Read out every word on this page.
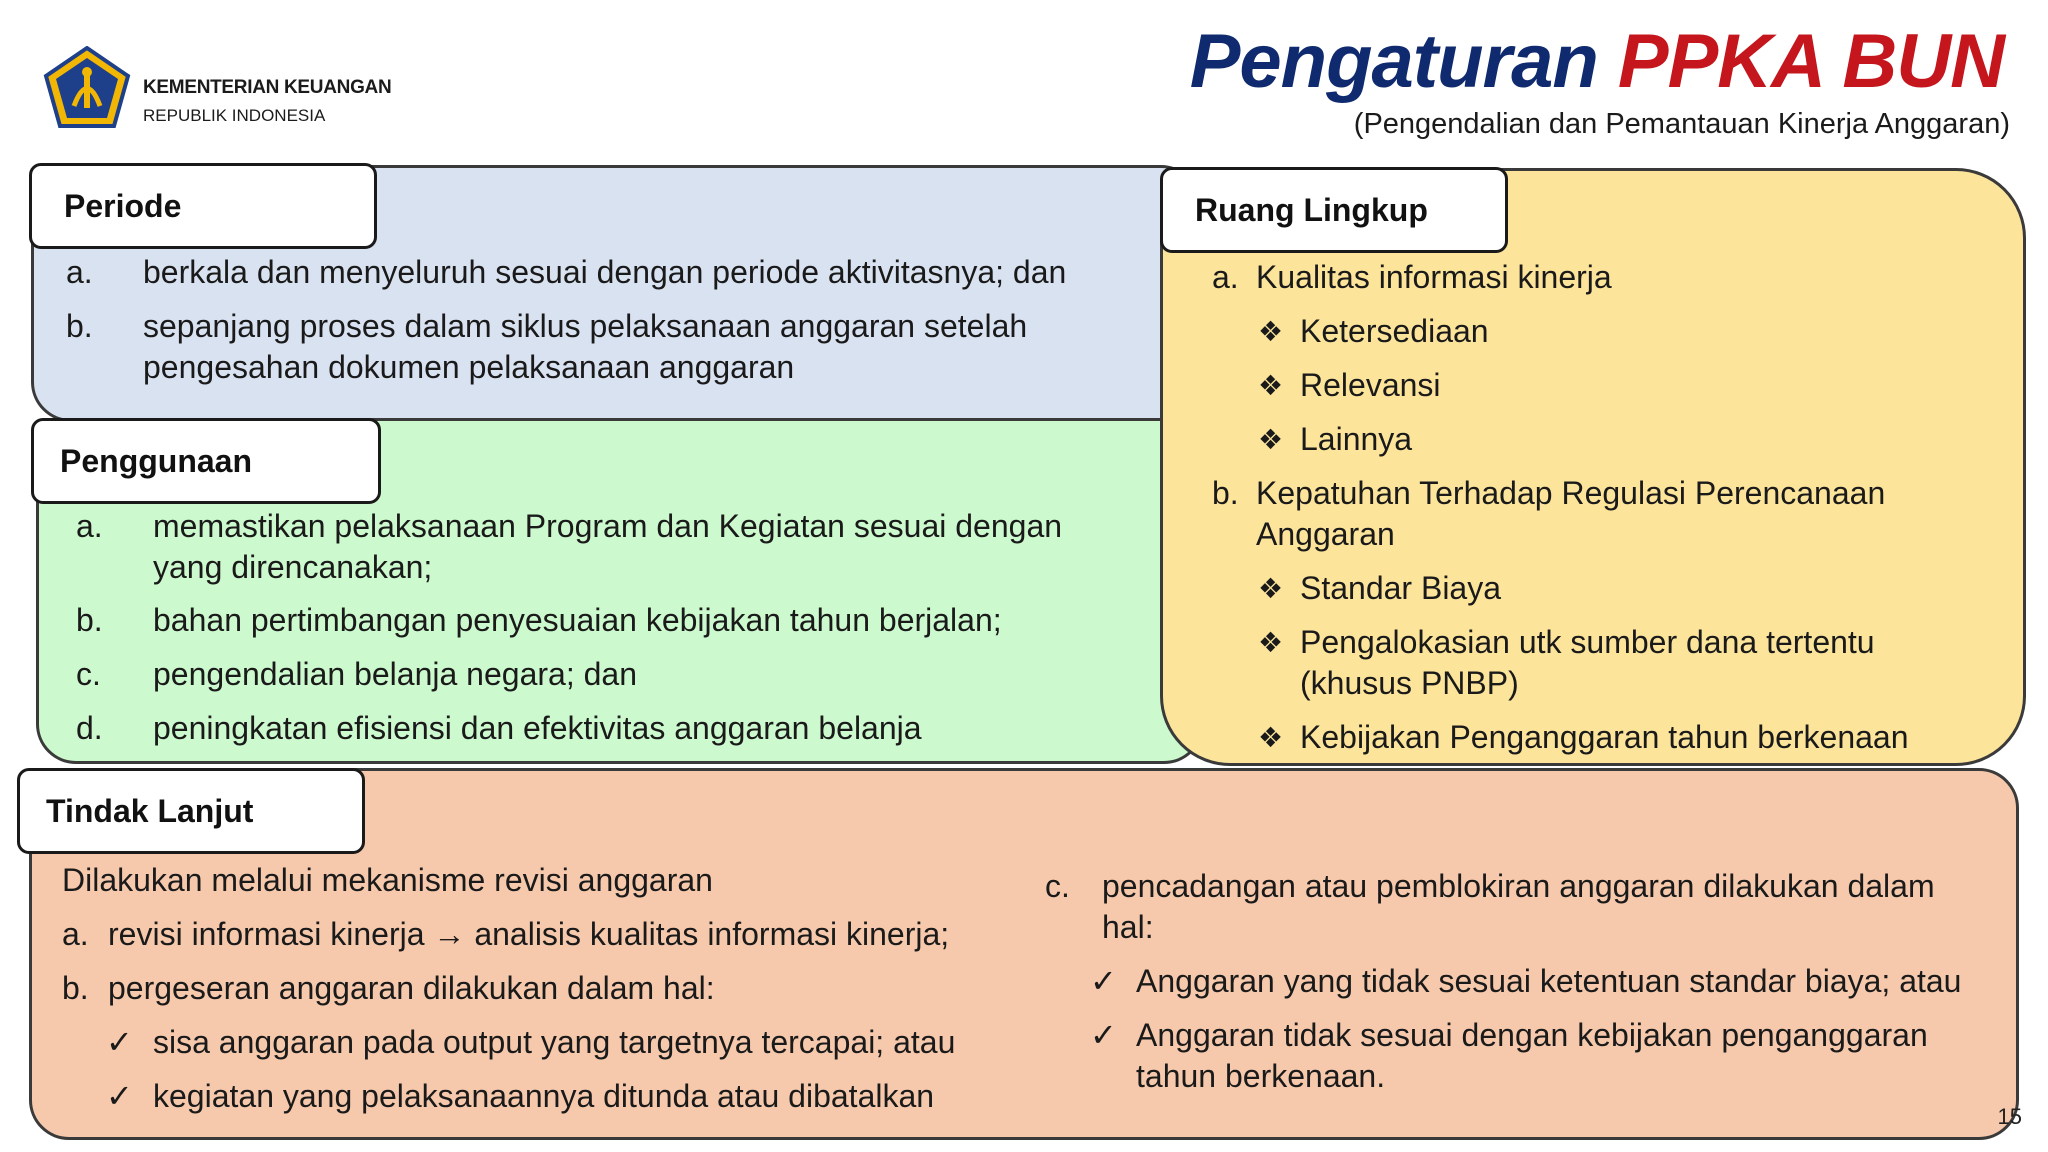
KEMENTERIAN KEUANGAN
REPUBLIK INDONESIA
Pengaturan PPKA BUN
(Pengendalian dan Pemantauan Kinerja Anggaran)
Periode
a. berkala dan menyeluruh sesuai dengan periode aktivitasnya; dan
b. sepanjang proses dalam siklus pelaksanaan anggaran setelah
pengesahan dokumen pelaksanaan anggaran
Penggunaan
a. memastikan pelaksanaan Program dan Kegiatan sesuai dengan
yang direncanakan;
b. bahan pertimbangan penyesuaian kebijakan tahun berjalan;
c. pengendalian belanja negara; dan
d. peningkatan efisiensi dan efektivitas anggaran belanja
Ruang Lingkup
a. Kualitas informasi kinerja
❖ Ketersediaan
❖ Relevansi
❖ Lainnya
b. Kepatuhan Terhadap Regulasi Perencanaan
Anggaran
❖ Standar Biaya
❖ Pengalokasian utk sumber dana tertentu
(khusus PNBP)
❖ Kebijakan Penganggaran tahun berkenaan
Tindak Lanjut
Dilakukan melalui mekanisme revisi anggaran
a. revisi informasi kinerja → analisis kualitas informasi kinerja;
b. pergeseran anggaran dilakukan dalam hal:
✓ sisa anggaran pada output yang targetnya tercapai; atau
✓ kegiatan yang pelaksanaannya ditunda atau dibatalkan
c. pencadangan atau pemblokiran anggaran dilakukan dalam
hal:
✓ Anggaran yang tidak sesuai ketentuan standar biaya; atau
✓ Anggaran tidak sesuai dengan kebijakan penganggaran
tahun berkenaan.
15
